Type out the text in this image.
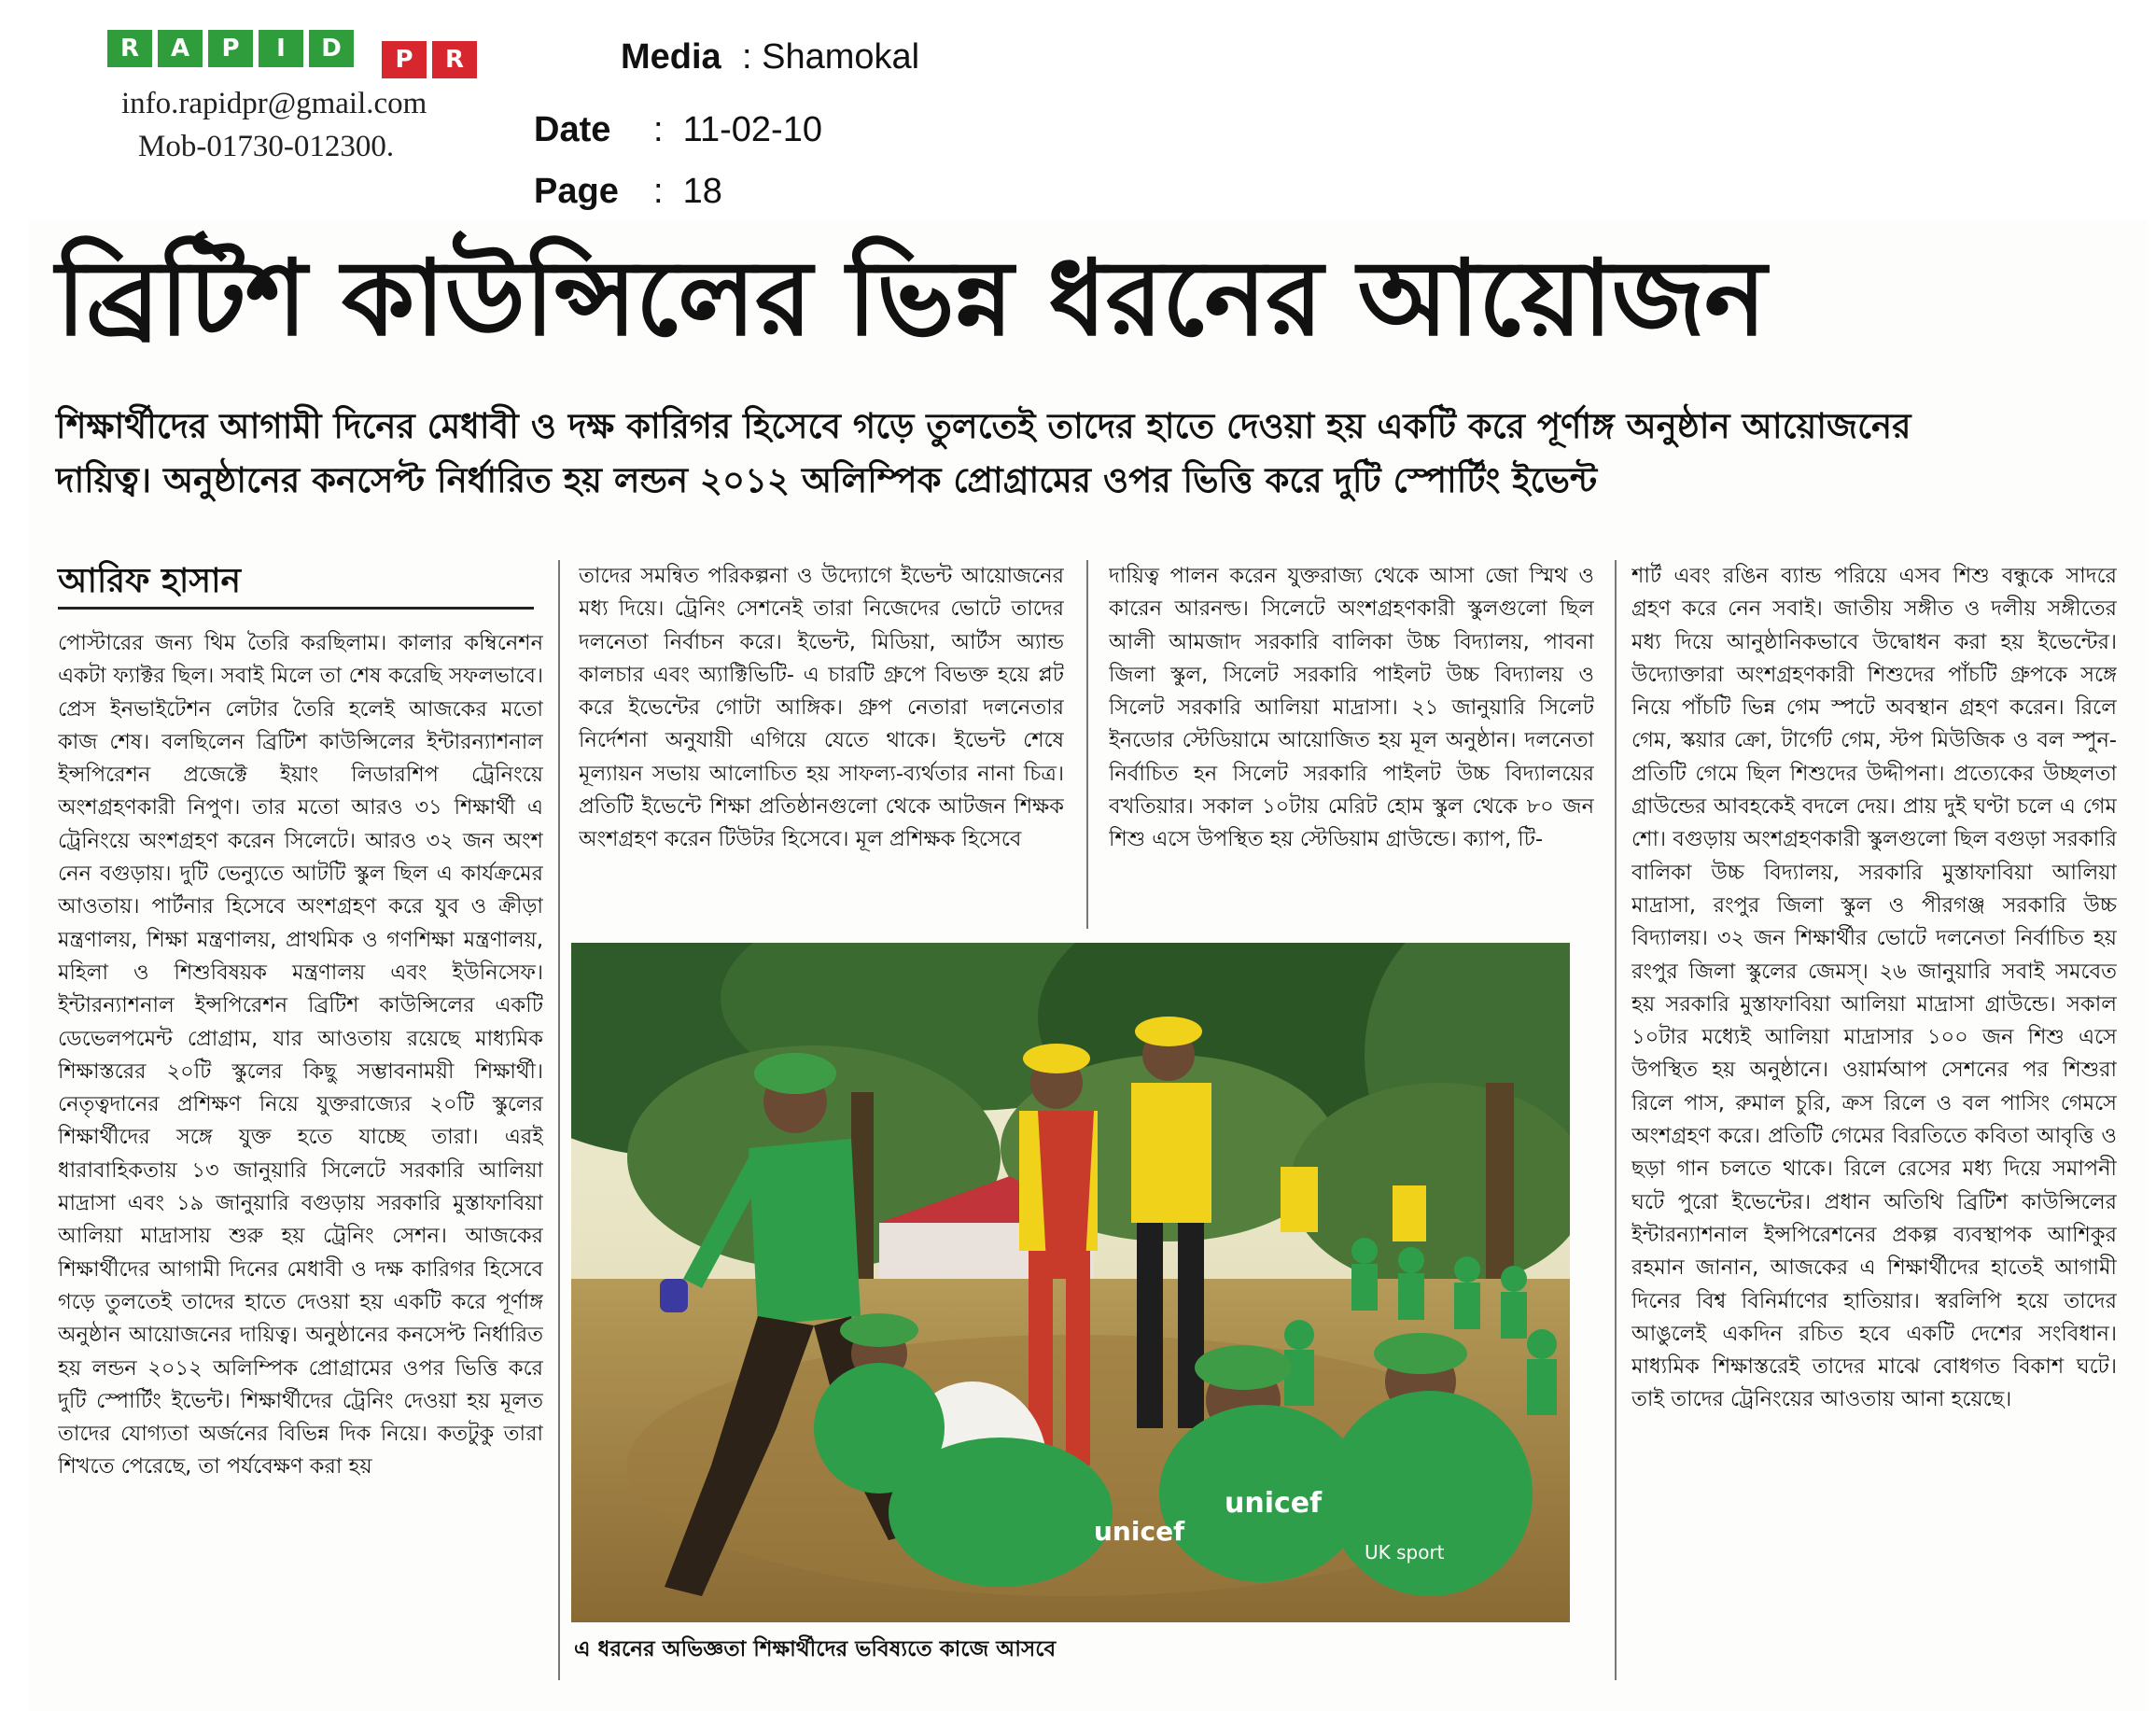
R	A	P	I	D	P	R
info.rapidpr@gmail.com
Mob-01730-012300.
Media : Shamokal
Date :  11-02-10
Page :  18
ব্রিটিশ কাউন্সিলের ভিন্ন ধরনের আয়োজন
শিক্ষার্থীদের আগামী দিনের মেধাবী ও দক্ষ কারিগর হিসেবে গড়ে তুলতেই তাদের হাতে দেওয়া হয় একটি করে পূর্ণাঙ্গ অনুষ্ঠান আয়োজনের
দায়িত্ব। অনুষ্ঠানের কনসেপ্ট নির্ধারিত হয় লন্ডন ২০১২ অলিম্পিক প্রোগ্রামের ওপর ভিত্তি করে দুটি স্পোর্টিং ইভেন্ট
আরিফ হাসান

পোস্টারের জন্য থিম তৈরি করছিলাম। কালার কম্বিনেশন একটা ফ্যাক্টর ছিল। সবাই মিলে তা শেষ করেছি সফলভাবে। প্রেস ইনভাইটেশন লেটার তৈরি হলেই আজকের মতো কাজ শেষ। বলছিলেন ব্রিটিশ কাউন্সিলের ইন্টারন্যাশনাল ইন্সপিরেশন প্রজেক্টে ইয়াং লিডারশিপ ট্রেনিংয়ে অংশগ্রহণকারী নিপুণ। তার মতো আরও ৩১ শিক্ষার্থী এ ট্রেনিংয়ে অংশগ্রহণ করেন সিলেটে। আরও ৩২ জন অংশ নেন বগুড়ায়। দুটি ভেন্যুতে আটটি স্কুল ছিল এ কার্যক্রমের আওতায়। পার্টনার হিসেবে অংশগ্রহণ করে যুব ও ক্রীড়া মন্ত্রণালয়, শিক্ষা মন্ত্রণালয়, প্রাথমিক ও গণশিক্ষা মন্ত্রণালয়, মহিলা ও শিশুবিষয়ক মন্ত্রণালয় এবং ইউনিসেফ। ইন্টারন্যাশনাল ইন্সপিরেশন ব্রিটিশ কাউন্সিলের একটি ডেভেলপমেন্ট প্রোগ্রাম, যার আওতায় রয়েছে মাধ্যমিক শিক্ষাস্তরের ২০টি স্কুলের কিছু সম্ভাবনাময়ী শিক্ষার্থী। নেতৃত্বদানের প্রশিক্ষণ নিয়ে যুক্তরাজ্যের ২০টি স্কুলের শিক্ষার্থীদের সঙ্গে যুক্ত হতে যাচ্ছে তারা। এরই ধারাবাহিকতায় ১৩ জানুয়ারি সিলেটে সরকারি আলিয়া মাদ্রাসা এবং ১৯ জানুয়ারি বগুড়ায় সরকারি মুস্তাফাবিয়া আলিয়া মাদ্রাসায় শুরু হয় ট্রেনিং সেশন। আজকের শিক্ষার্থীদের আগামী দিনের মেধাবী ও দক্ষ কারিগর হিসেবে গড়ে তুলতেই তাদের হাতে দেওয়া হয় একটি করে পূর্ণাঙ্গ অনুষ্ঠান আয়োজনের দায়িত্ব। অনুষ্ঠানের কনসেপ্ট নির্ধারিত হয় লন্ডন ২০১২ অলিম্পিক প্রোগ্রামের ওপর ভিত্তি করে দুটি স্পোর্টিং ইভেন্ট। শিক্ষার্থীদের ট্রেনিং দেওয়া হয় মূলত তাদের যোগ্যতা অর্জনের বিভিন্ন দিক নিয়ে। কতটুকু তারা শিখতে পেরেছে, তা পর্যবেক্ষণ করা হয়

তাদের সমন্বিত পরিকল্পনা ও উদ্যোগে ইভেন্ট আয়োজনের মধ্য দিয়ে। ট্রেনিং সেশনেই তারা নিজেদের ভোটে তাদের দলনেতা নির্বাচন করে। ইভেন্ট, মিডিয়া, আর্টস অ্যান্ড কালচার এবং অ্যাক্টিভিটি- এ চারটি গ্রুপে বিভক্ত হয়ে প্লট করে ইভেন্টের গোটা আঙ্গিক। গ্রুপ নেতারা দলনেতার নির্দেশনা অনুযায়ী এগিয়ে যেতে থাকে। ইভেন্ট শেষে মূল্যায়ন সভায় আলোচিত হয় সাফল্য-ব্যর্থতার নানা চিত্র। প্রতিটি ইভেন্টে শিক্ষা প্রতিষ্ঠানগুলো থেকে আটজন শিক্ষক অংশগ্রহণ করেন টিউটর হিসেবে। মূল প্রশিক্ষক হিসেবে

দায়িত্ব পালন করেন যুক্তরাজ্য থেকে আসা জো স্মিথ ও কারেন আরনল্ড। সিলেটে অংশগ্রহণকারী স্কুলগুলো ছিল আলী আমজাদ সরকারি বালিকা উচ্চ বিদ্যালয়, পাবনা জিলা স্কুল, সিলেট সরকারি পাইলট উচ্চ বিদ্যালয় ও সিলেট সরকারি আলিয়া মাদ্রাসা। ২১ জানুয়ারি সিলেট ইনডোর স্টেডিয়ামে আয়োজিত হয় মূল অনুষ্ঠান। দলনেতা নির্বাচিত হন সিলেট সরকারি পাইলট উচ্চ বিদ্যালয়ের বখতিয়ার। সকাল ১০টায় মেরিট হোম স্কুল থেকে ৮০ জন শিশু এসে উপস্থিত হয় স্টেডিয়াম গ্রাউন্ডে। ক্যাপ, টি-

শার্ট এবং রঙিন ব্যান্ড পরিয়ে এসব শিশু বন্ধুকে সাদরে গ্রহণ করে নেন সবাই। জাতীয় সঙ্গীত ও দলীয় সঙ্গীতের মধ্য দিয়ে আনুষ্ঠানিকভাবে উদ্বোধন করা হয় ইভেন্টের। উদ্যোক্তারা অংশগ্রহণকারী শিশুদের পাঁচটি গ্রুপকে সঙ্গে নিয়ে পাঁচটি ভিন্ন গেম স্পটে অবস্থান গ্রহণ করেন। রিলে গেম, স্কয়ার ক্রো, টার্গেট গেম, স্টপ মিউজিক ও বল স্পুন- প্রতিটি গেমে ছিল শিশুদের উদ্দীপনা। প্রত্যেকের উচ্ছলতা গ্রাউন্ডের আবহকেই বদলে দেয়। প্রায় দুই ঘণ্টা চলে এ গেম শো। বগুড়ায় অংশগ্রহণকারী স্কুলগুলো ছিল বগুড়া সরকারি বালিকা উচ্চ বিদ্যালয়, সরকারি মুস্তাফাবিয়া আলিয়া মাদ্রাসা, রংপুর জিলা স্কুল ও পীরগঞ্জ সরকারি উচ্চ বিদ্যালয়। ৩২ জন শিক্ষার্থীর ভোটে দলনেতা নির্বাচিত হয় রংপুর জিলা স্কুলের জেমস্। ২৬ জানুয়ারি সবাই সমবেত হয় সরকারি মুস্তাফাবিয়া আলিয়া মাদ্রাসা গ্রাউন্ডে। সকাল ১০টার মধ্যেই আলিয়া মাদ্রাসার ১০০ জন শিশু এসে উপস্থিত হয় অনুষ্ঠানে। ওয়ার্মআপ সেশনের পর শিশুরা রিলে পাস, রুমাল চুরি, ক্রস রিলে ও বল পাসিং গেমসে অংশগ্রহণ করে। প্রতিটি গেমের বিরতিতে কবিতা আবৃত্তি ও ছড়া গান চলতে থাকে। রিলে রেসের মধ্য দিয়ে সমাপনী ঘটে পুরো ইভেন্টের। প্রধান অতিথি ব্রিটিশ কাউন্সিলের ইন্টারন্যাশনাল ইন্সপিরেশনের প্রকল্প ব্যবস্থাপক আশিকুর রহমান জানান, আজকের এ শিক্ষার্থীদের হাতেই আগামী দিনের বিশ্ব বিনির্মাণের হাতিয়ার। স্বরলিপি হয়ে তাদের আঙুলেই একদিন রচিত হবে একটি দেশের সংবিধান। মাধ্যমিক শিক্ষাস্তরেই তাদের মাঝে বোধগত বিকাশ ঘটে। তাই তাদের ট্রেনিংয়ের আওতায় আনা হয়েছে।

unicef
unicef
UK sport
এ ধরনের অভিজ্ঞতা শিক্ষার্থীদের ভবিষ্যতে কাজে আসবে
